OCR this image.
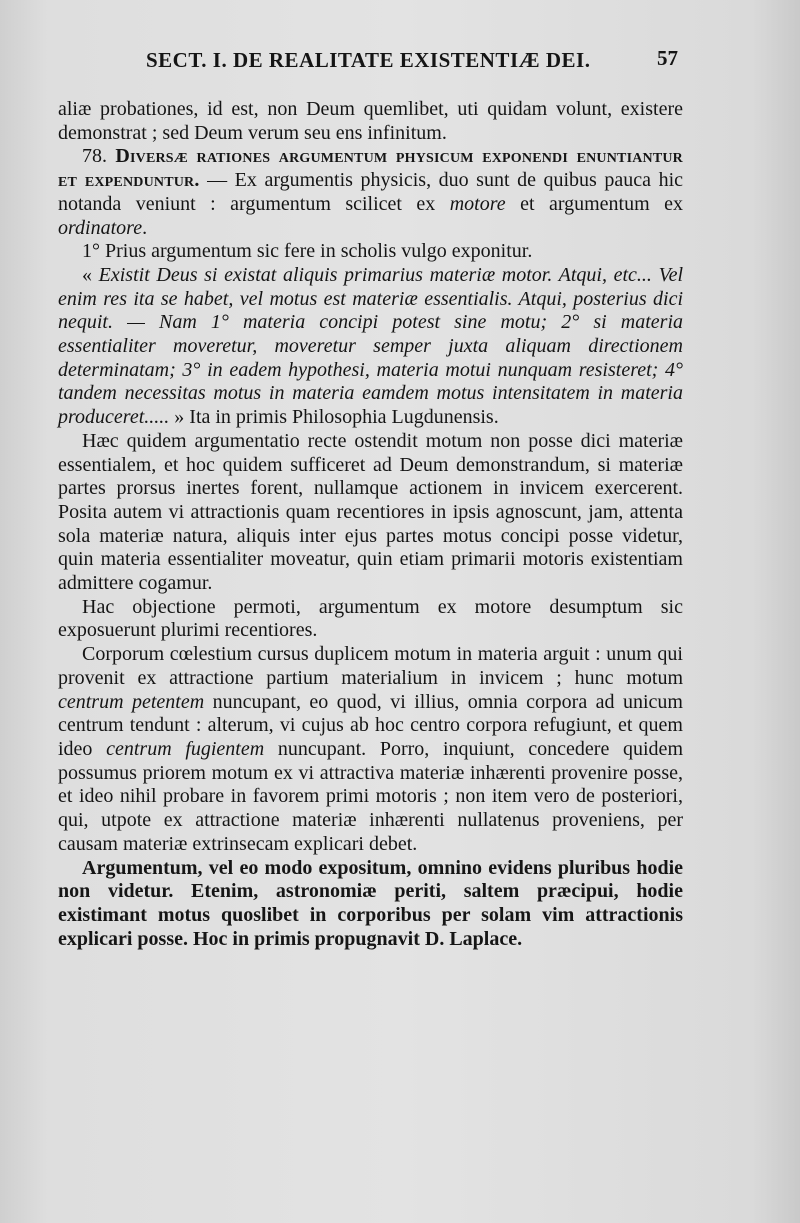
SECT. I. DE REALITATE EXISTENTIÆ DEI.	57

aliæ probationes, id est, non Deum quemlibet, uti quidam volunt, existere demonstrat ; sed Deum verum seu ens infinitum.

78. Diversæ rationes argumentum physicum exponendi enuntiantur et expenduntur. — Ex argumentis physicis, duo sunt de quibus pauca hic notanda veniunt : argumentum scilicet ex motore et argumentum ex ordinatore.

1° Prius argumentum sic fere in scholis vulgo exponitur.

« Existit Deus si existat aliquis primarius materiæ motor. Atqui, etc... Vel enim res ita se habet, vel motus est materiæ essentialis. Atqui, posterius dici nequit. — Nam 1° materia concipi potest sine motu; 2° si materia essentialiter moveretur, moveretur semper juxta aliquam directionem determinatam; 3° in eadem hypothesi, materia motui nunquam resisteret; 4° tandem necessitas motus in materia eamdem motus intensitatem in materia produceret..... » Ita in primis Philosophia Lugdunensis.

Hæc quidem argumentatio recte ostendit motum non posse dici materiæ essentialem, et hoc quidem sufficeret ad Deum demonstrandum, si materiæ partes prorsus inertes forent, nullamque actionem in invicem exercerent. Posita autem vi attractionis quam recentiores in ipsis agnoscunt, jam, attenta sola materiæ natura, aliquis inter ejus partes motus concipi posse videtur, quin materia essentialiter moveatur, quin etiam primarii motoris existentiam admittere cogamur.

Hac objectione permoti, argumentum ex motore desumptum sic exposuerunt plurimi recentiores.

Corporum cœlestium cursus duplicem motum in materia arguit : unum qui provenit ex attractione partium materialium in invicem ; hunc motum centrum petentem nuncupant, eo quod, vi illius, omnia corpora ad unicum centrum tendunt : alterum, vi cujus ab hoc centro corpora refugiunt, et quem ideo centrum fugientem nuncupant. Porro, inquiunt, concedere quidem possumus priorem motum ex vi attractiva materiæ inhærenti provenire posse, et ideo nihil probare in favorem primi motoris ; non item vero de posteriori, qui, utpote ex attractione materiæ inhærenti nullatenus proveniens, per causam materiæ extrinsecam explicari debet.

Argumentum, vel eo modo expositum, omnino evidens pluribus hodie non videtur. Etenim, astronomiæ periti, saltem præcipui, hodie existimant motus quoslibet in corporibus per solam vim attractionis explicari posse. Hoc in primis propugnavit D. Laplace.
